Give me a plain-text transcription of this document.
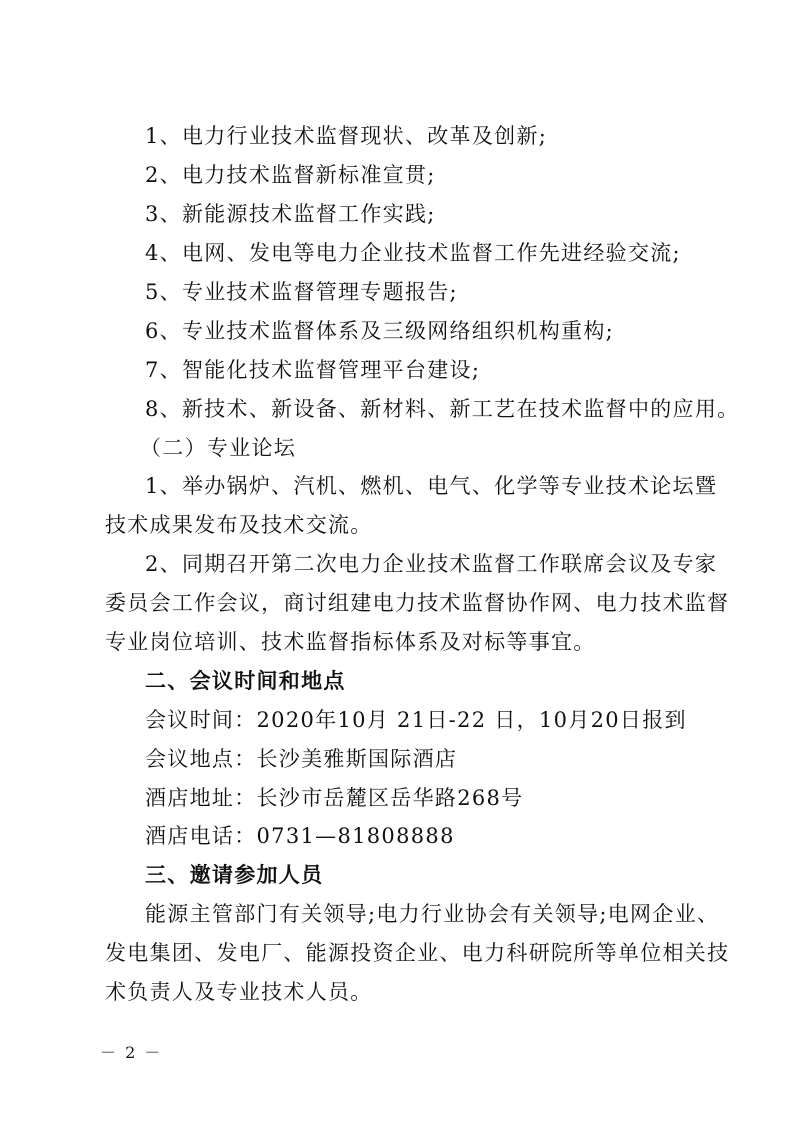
1、电力行业技术监督现状、改革及创新;
2、电力技术监督新标准宣贯;
3、新能源技术监督工作实践;
4、电网、发电等电力企业技术监督工作先进经验交流;
5、专业技术监督管理专题报告;
6、专业技术监督体系及三级网络组织机构重构;
7、智能化技术监督管理平台建设;
8、新技术、新设备、新材料、新工艺在技术监督中的应用。
（二）专业论坛
1、举办锅炉、汽机、燃机、电气、化学等专业技术论坛暨
技术成果发布及技术交流。
2、同期召开第二次电力企业技术监督工作联席会议及专家
委员会工作会议，商讨组建电力技术监督协作网、电力技术监督
专业岗位培训、技术监督指标体系及对标等事宜。
二、会议时间和地点
会议时间：2020年10月 21日-22 日，10月20日报到
会议地点：长沙美雅斯国际酒店
酒店地址：长沙市岳麓区岳华路268号
酒店电话：0731—81808888
三、邀请参加人员
能源主管部门有关领导;电力行业协会有关领导;电网企业、
发电集团、发电厂、能源投资企业、电力科研院所等单位相关技
术负责人及专业技术人员。
－ 2 －
